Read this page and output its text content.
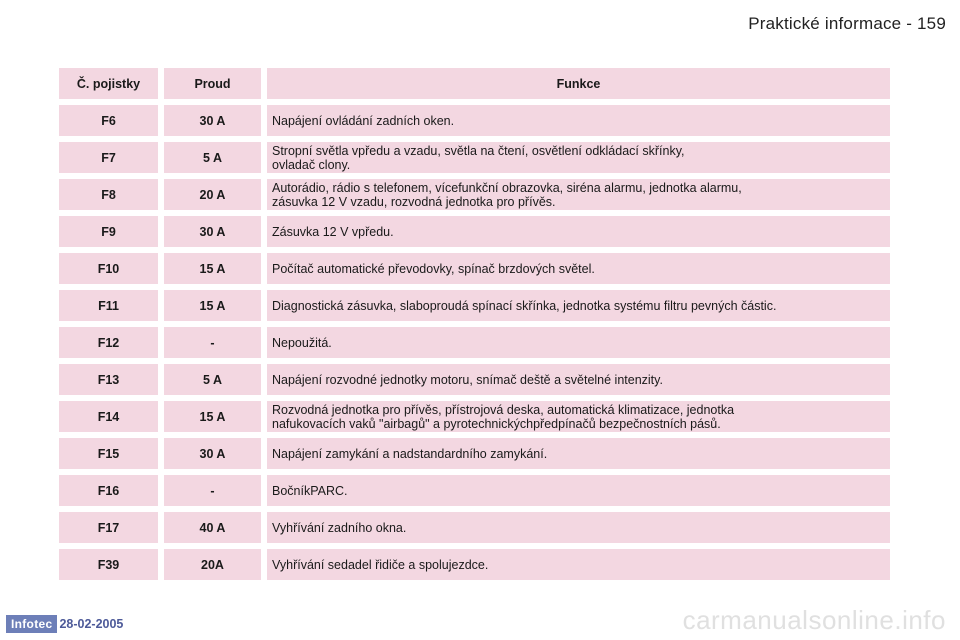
Praktické informace - 159
Č. pojistky	Proud	Funkce
F6	30 A	Napájení ovládání zadních oken.
F7	5 A	Stropní světla vpředu a vzadu, světla na čtení, osvětlení odkládací skřínky,
ovladač clony.
F8	20 A	Autorádio, rádio s telefonem, vícefunkční obrazovka, siréna alarmu, jednotka alarmu,
zásuvka 12 V vzadu, rozvodná jednotka pro přívěs.
F9	30 A	Zásuvka 12 V vpředu.
F10	15 A	Počítač automatické převodovky, spínač brzdových světel.
F11	15 A	Diagnostická zásuvka, slaboproudá spínací skřínka, jednotka systému filtru pevných částic.
F12	-	Nepoužitá.
F13	5 A	Napájení rozvodné jednotky motoru, snímač deště a světelné intenzity.
F14	15 A	Rozvodná jednotka pro přívěs, přístrojová deska, automatická klimatizace, jednotka
nafukovacích vaků "airbagů" a pyrotechnickýchpředpínačů bezpečnostních pásů.
F15	30 A	Napájení zamykání a nadstandardního zamykání.
F16	-	BočníkPARC.
F17	40 A	Vyhřívání zadního okna.
F39	20A	Vyhřívání sedadel řidiče a spolujezdce.
Infotec 28-02-2005	carmanualsonline.info
